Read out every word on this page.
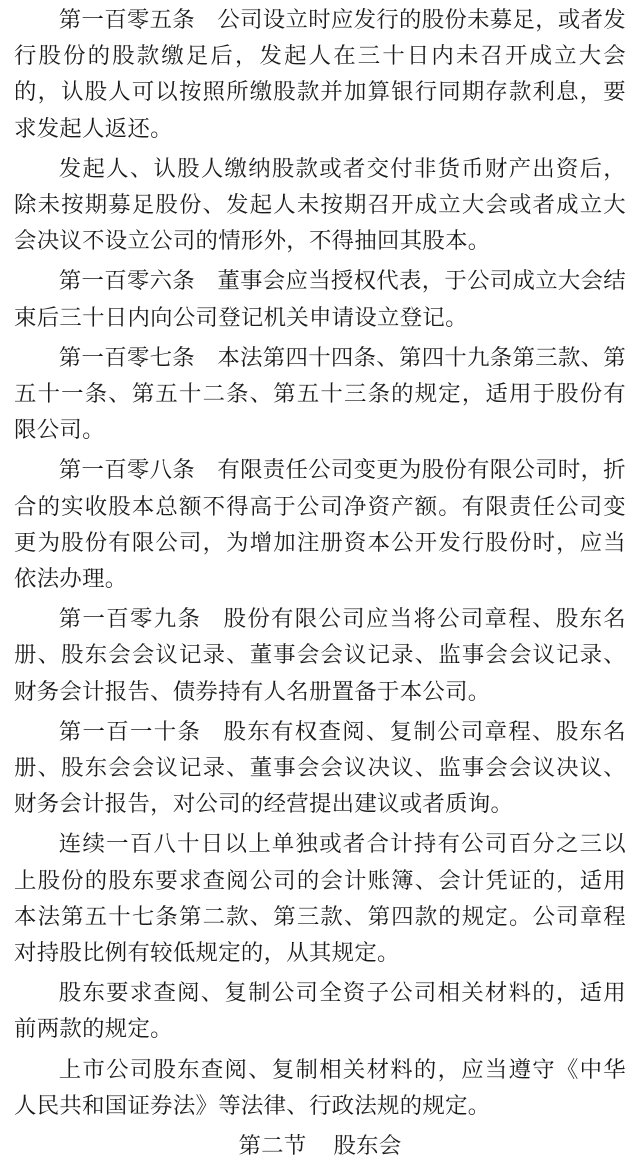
第一百零五条 公司设立时应发行的股份未募足，或者发行股份的股款缴足后，发起人在三十日内未召开成立大会的，认股人可以按照所缴股款并加算银行同期存款利息，要求发起人返还。

发起人、认股人缴纳股款或者交付非货币财产出资后，除未按期募足股份、发起人未按期召开成立大会或者成立大会决议不设立公司的情形外，不得抽回其股本。

第一百零六条 董事会应当授权代表，于公司成立大会结束后三十日内向公司登记机关申请设立登记。

第一百零七条 本法第四十四条、第四十九条第三款、第五十一条、第五十二条、第五十三条的规定，适用于股份有限公司。

第一百零八条 有限责任公司变更为股份有限公司时，折合的实收股本总额不得高于公司净资产额。有限责任公司变更为股份有限公司，为增加注册资本公开发行股份时，应当依法办理。

第一百零九条 股份有限公司应当将公司章程、股东名册、股东会会议记录、董事会会议记录、监事会会议记录、财务会计报告、债券持有人名册置备于本公司。

第一百一十条 股东有权查阅、复制公司章程、股东名册、股东会会议记录、董事会会议决议、监事会会议决议、财务会计报告，对公司的经营提出建议或者质询。

连续一百八十日以上单独或者合计持有公司百分之三以上股份的股东要求查阅公司的会计账簿、会计凭证的，适用本法第五十七条第二款、第三款、第四款的规定。公司章程对持股比例有较低规定的，从其规定。

股东要求查阅、复制公司全资子公司相关材料的，适用前两款的规定。

上市公司股东查阅、复制相关材料的，应当遵守《中华人民共和国证券法》等法律、行政法规的规定。

第二节 股东会
